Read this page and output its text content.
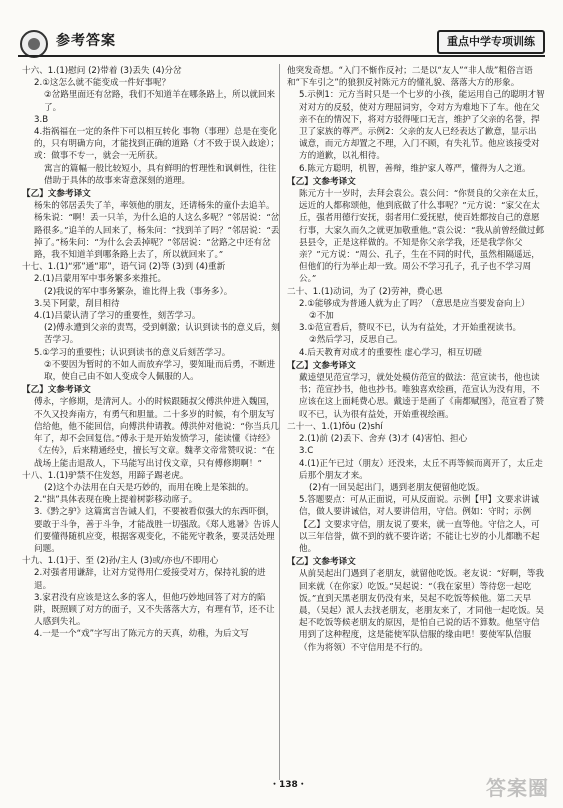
参考答案	重点中学专项训练

十六、1.(1)慰问 (2)带着 (3)丢失 (4)分岔

2.①这怎么就不能变成一件好事呢？

②岔路里面还有岔路，我们不知道羊在哪条路上，所以就回来了。

3.B

4.指祸福在一定的条件下可以相互转化 事物（事理）总是在变化的，只有明确方向，才能找到正确的道路（才不致于误入歧途）；或：做事不专一，就会一无所获。

寓言的篇幅一般比较短小，具有鲜明的哲理性和讽刺性，往往借助于具体的故事来寄意深刻的道理。

【乙】文参考译文

杨朱的邻居丢失了羊，率领他的朋友，还请杨朱的童仆去追羊。杨朱说：“啊！丢一只羊，为什么追的人这么多呢？”邻居说：“岔路很多。”追羊的人回来了，杨朱问：“找到羊了吗？”邻居说：“丢掉了。”杨朱问：“为什么会丢掉呢？”邻居说：“岔路之中还有岔路，我不知道羊到哪条路上去了，所以就回来了。”

十七、1.(1)“邪”通“耶”，语气词 (2)等 (3)到 (4)重新

2.(1)吕蒙用军中事务繁多来推托。

(2)我说的军中事务繁杂，谁比得上我（事务多）。

3.吴下阿蒙，刮目相待

4.(1)吕蒙认清了学习的重要性，刻苦学习。

(2)傅永遭到父亲的责骂，受到刺激；认识到读书的意义后，刻苦学习。

5.①学习的重要性；认识到读书的意义后刻苦学习。

②不要因为暂时的不如人而放弃学习，要知耻而后勇，不断进取，使自己由不如人变成令人佩服的人。

【乙】文参考译文

傅永，字修期，是清河人。小的时候跟随叔父傅洪仲进入魏国，不久又投奔南方，有勇气和胆量。二十多岁的时候，有个朋友写信给他，他不能回信，向傅洪仲请教。傅洪仲对他说：“你当兵几年了，却不会回复信。”傅永于是开始发愤学习，能读懂《诗经》《左传》，后来精通经史，擅长写文章。魏孝文帝常赞叹说：“在战场上能击退敌人，下马能写出讨伐文章，只有傅修期啊！”

十八、1.(1)驴禁不住发怒，用蹄子踢老虎。

(2)这个办法用在白天是巧妙的，而用在晚上是笨拙的。

2.“拙”具体表现在晚上提着树影移动席子。

3.《黔之驴》这篇寓言告诫人们，不要被看似强大的东西吓倒，要敢于斗争，善于斗争，才能战胜一切强敌。《郑人逃暑》告诉人们要懂得随机应变，根据客观变化，不能死守教条，要灵活处理问题。

十九、1.(1)于、至 (2)孙/主人 (3)或/亦也/不即用心

2.对强者用谦辞，让对方觉得用仁爱接受对方，保持礼貌的进退。

3.家君没有应该是这么多的客人，但他巧妙地回答了对方的陷阱，既照顾了对方的面子，又不失落落大方，有理有节，还不让人感到失礼。

4.一是一个“戏”字写出了陈元方的天真，幼稚，为后文写

他突发奇想。“入门不惭作反衬；二是以“友人”“非人哉”粗俗言语和“下车引之”的狼狈反衬陈元方的懂礼貌、落落大方的形象。

5.示例1：元方当时只是一个七岁的小孩，能运用自己的聪明才智对对方的反驳，使对方理屈词穷，令对方为难地下了车。他在父亲不在的情况下，将对方驳得哑口无言，维护了父亲的名誉，捍卫了家族的尊严。示例2：父亲的友人已经表达了歉意，显示出诚意，而元方却置之不理，入门不顾，有失礼节。他应该接受对方的道歉，以礼相待。

6.陈元方聪明，机智，善辩，维护家人尊严，懂得为人之道。

【乙】文参考译文

陈元方十一岁时，去拜会袁公。袁公问：“你贤良的父亲在太丘，远近的人都称颂他，他到底做了什么事呢？”元方说：“家父在太丘，强者用德行安抚，弱者用仁爱抚慰，使百姓都按自己的意愿行事，大家久而久之就更加敬重他。”袁公说：“我从前曾经做过邺县县令，正是这样做的。不知是你父亲学我，还是我学你父亲？”元方说：“周公、孔子，生在不同的时代，虽然相隔遥远，但他们的行为举止却一致。周公不学习孔子，孔子也不学习周公。”

二十、1.(1)动词，为了 (2)劳神，费心思

2.①能够成为普通人就为止了吗？（意思是应当要发奋向上）

②不加

3.①范宣看后，赞叹不已，认为有益处，才开始重视读书。

②然后学习，反思自己。

4.后天教育对成才的重要性 虚心学习，相互切磋

【乙】文参考译文

戴逵望见范宣学习，就处处模仿范宣的做法：范宣读书，他也读书；范宣抄书，他也抄书。唯独喜欢绘画，范宣认为没有用，不应该在这上面耗费心思。戴逵于是画了《南都赋图》，范宣看了赞叹不已，认为很有益处，开始重视绘画。

二十一、1.(1)fǒu (2)shí

2.(1)前 (2)丢下、舍弃 (3)才 (4)害怕、担心

3.C

4.(1)正午已过（朋友）还没来，太丘不再等候而离开了，太丘走后那个朋友才来。

(2)有一回吴起出门，遇到老朋友便留他吃饭。

5.答题要点：可从正面说，可从反面说。示例【甲】文要求讲诚信，做人要讲诚信，对人要讲信用，守信。例如：守时；示例【乙】文要求守信，朋友说了要来，就一直等他。守信之人，可以三年信誉，做不到的就不要许诺；不能让七岁的小儿都瞧不起他。

【乙】文参考译文

从前吴起出门遇到了老朋友，就留他吃饭。老友说：“好啊，等我回来就（在你家）吃饭。”吴起说：“（我在家里）等待您一起吃饭。”直到天黑老朋友仍没有来，吴起不吃饭等候他。第二天早晨，（吴起）派人去找老朋友，老朋友来了，才同他一起吃饭。吴起不吃饭等候老朋友的原因，是怕自己说的话不算数。他坚守信用到了这种程度，这是能使军队信服的缘由吧！要使军队信服（作为将领）不守信用是不行的。

・138・	答案圈
